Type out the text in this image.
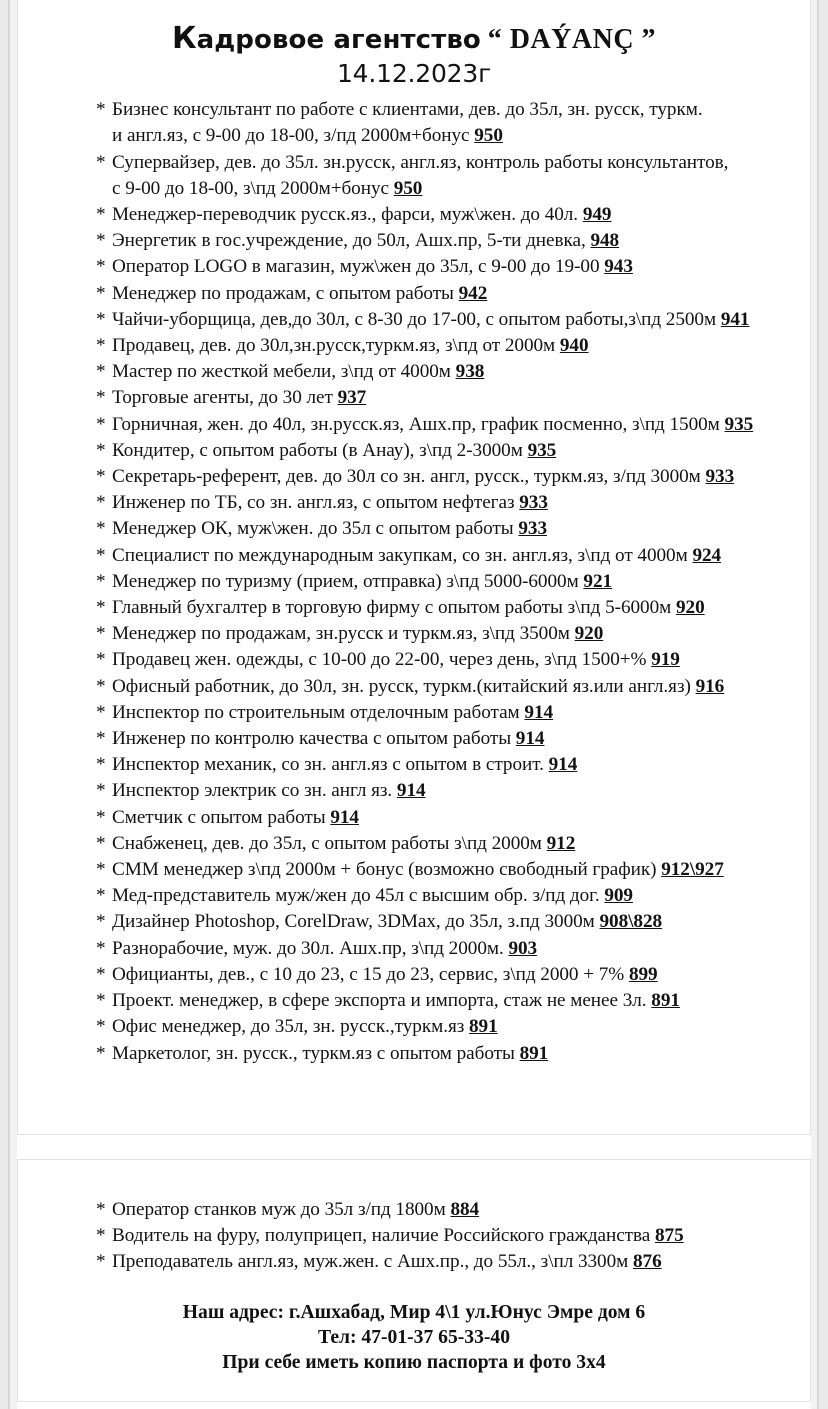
Кадровое агентство “ DAÝANÇ ”
14.12.2023г
* Бизнес консультант по работе с клиентами, дев. до 35л, зн. русск, туркм.
и англ.яз, с 9-00 до 18-00, з/пд 2000м+бонус 950
* Супервайзер, дев. до 35л. зн.русск, англ.яз, контроль работы консультантов,
с 9-00 до 18-00, з\пд 2000м+бонус 950
* Менеджер-переводчик русск.яз., фарси, муж\жен. до 40л. 949
* Энергетик в гос.учреждение, до 50л, Ашх.пр, 5-ти дневка, 948
* Оператор LOGO в магазин, муж\жен до 35л, с 9-00 до 19-00 943
* Менеджер по продажам, с опытом работы 942
* Чайчи-уборщица, дев,до 30л, с 8-30 до 17-00, с опытом работы,з\пд 2500м 941
* Продавец, дев. до 30л,зн.русск,туркм.яз, з\пд от 2000м 940
* Мастер по жесткой мебели, з\пд от 4000м 938
* Торговые агенты, до 30 лет 937
* Горничная, жен. до 40л, зн.русск.яз, Ашх.пр, график посменно, з\пд 1500м 935
* Кондитер, с опытом работы (в Анау), з\пд 2-3000м 935
* Секретарь-референт, дев. до 30л со зн. англ, русск., туркм.яз, з/пд 3000м 933
* Инженер по ТБ, со зн. англ.яз, с опытом нефтегаз 933
* Менеджер ОК, муж\жен. до 35л с опытом работы 933
* Специалист по международным закупкам, со зн. англ.яз, з\пд от 4000м 924
* Менеджер по туризму (прием, отправка) з\пд 5000-6000м 921
* Главный бухгалтер в торговую фирму с опытом работы з\пд 5-6000м 920
* Менеджер по продажам, зн.русск и туркм.яз, з\пд 3500м 920
* Продавец жен. одежды, с 10-00 до 22-00, через день, з\пд 1500+% 919
* Офисный работник, до 30л, зн. русск, туркм.(китайский яз.или англ.яз) 916
* Инспектор по строительным отделочным работам 914
* Инженер по контролю качества с опытом работы 914
* Инспектор механик, со зн. англ.яз с опытом в строит. 914
* Инспектор электрик со зн. англ яз. 914
* Сметчик с опытом работы 914
* Снабженец, дев. до 35л, с опытом работы з\пд 2000м 912
* СММ менеджер з\пд 2000м + бонус (возможно свободный график) 912\927
* Мед-представитель муж/жен до 45л с высшим обр. з/пд дог. 909
* Дизайнер Photoshop, CorelDraw, 3DMax, до 35л, з.пд 3000м 908\828
* Разнорабочие, муж. до 30л. Ашх.пр, з\пд 2000м. 903
* Официанты, дев., с 10 до 23, с 15 до 23, сервис, з\пд 2000 + 7% 899
* Проект. менеджер, в сфере экспорта и импорта, стаж не менее 3л. 891
* Офис менеджер, до 35л, зн. русск.,туркм.яз 891
* Маркетолог, зн. русск., туркм.яз с опытом работы 891
* Оператор станков муж до 35л з/пд 1800м 884
* Водитель на фуру, полуприцеп, наличие Российского гражданства 875
* Преподаватель англ.яз, муж.жен. с Ашх.пр., до 55л., з\пл 3300м 876
Наш адрес: г.Ашхабад, Мир 4\1 ул.Юнус Эмре дом 6
Тел: 47-01-37 65-33-40
При себе иметь копию паспорта и фото 3х4
